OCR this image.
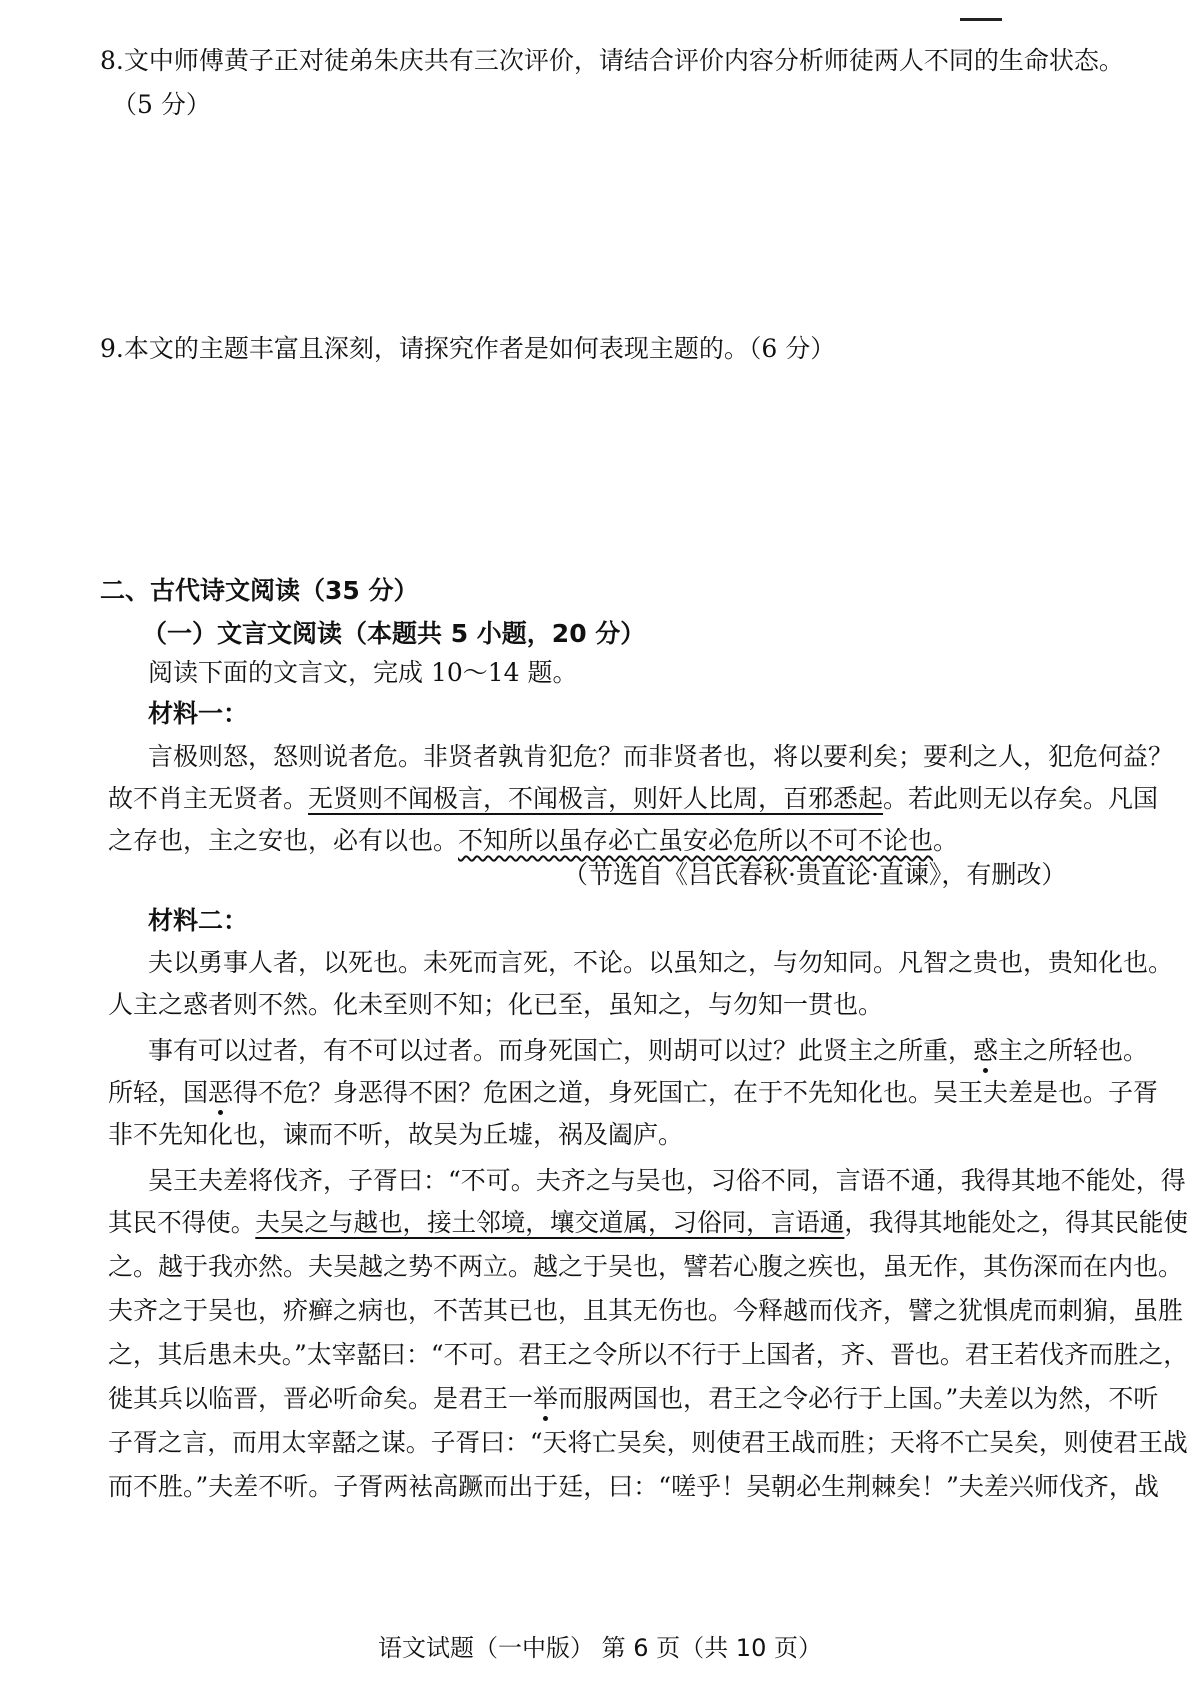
8.文中师傅黄子正对徒弟朱庆共有三次评价，请结合评价内容分析师徒两人不同的生命状态。
（5 分）
9.本文的主题丰富且深刻，请探究作者是如何表现主题的。（6 分）
二、古代诗文阅读（35 分）
（一）文言文阅读（本题共 5 小题，20 分）
阅读下面的文言文，完成 10～14 题。
材料一：
言极则怒，怒则说者危。非贤者孰肯犯危？而非贤者也，将以要利矣；要利之人，犯危何益？
故不肖主无贤者。无贤则不闻极言，不闻极言，则奸人比周，百邪悉起。若此则无以存矣。凡国
之存也，主之安也，必有以也。不知所以虽存必亡虽安必危所以不可不论也。
（节选自《吕氏春秋·贵直论·直谏》，有删改）
材料二：
夫以勇事人者，以死也。未死而言死，不论。以虽知之，与勿知同。凡智之贵也，贵知化也。
人主之惑者则不然。化未至则不知；化已至，虽知之，与勿知一贯也。
事有可以过者，有不可以过者。而身死国亡，则胡可以过？此贤主之所重，惑主之所轻也。
所轻，国恶得不危？身恶得不困？危困之道，身死国亡，在于不先知化也。吴王夫差是也。子胥
非不先知化也，谏而不听，故吴为丘墟，祸及阖庐。
吴王夫差将伐齐，子胥曰：“不可。夫齐之与吴也，习俗不同，言语不通，我得其地不能处，得
其民不得使。夫吴之与越也，接土邻境，壤交道属，习俗同，言语通，我得其地能处之，得其民能使
之。越于我亦然。夫吴越之势不两立。越之于吴也，譬若心腹之疾也，虽无作，其伤深而在内也。
夫齐之于吴也，疥癣之病也，不苦其已也，且其无伤也。今释越而伐齐，譬之犹惧虎而刺猏，虽胜
之，其后患未央。”太宰嚭曰：“不可。君王之令所以不行于上国者，齐、晋也。君王若伐齐而胜之，
徙其兵以临晋，晋必听命矣。是君王一举而服两国也，君王之令必行于上国。”夫差以为然，不听
子胥之言，而用太宰嚭之谋。子胥曰：“天将亡吴矣，则使君王战而胜；天将不亡吴矣，则使君王战
而不胜。”夫差不听。子胥两袪高蹶而出于廷，曰：“嗟乎！吴朝必生荆棘矣！”夫差兴师伐齐，战
语文试题（一中版） 第 6 页（共 10 页）
